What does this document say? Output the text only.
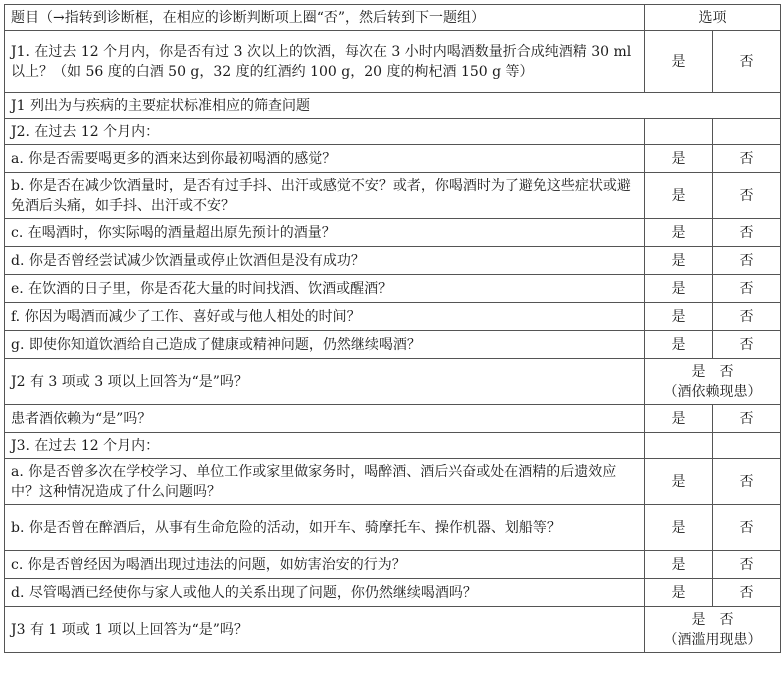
题目（→指转到诊断框，在相应的诊断判断项上圈“否”，然后转到下一题组）	选项	
J1. 在过去 12 个月内，你是否有过 3 次以上的饮酒，每次在 3 小时内喝酒数量折合成纯酒精 30 ml 以上？（如 56 度的白酒 50 g，32 度的红酒约 100 g，20 度的枸杞酒 150 g 等）	是	否
J1 列出为与疾病的主要症状标准相应的筛查问题		
J2. 在过去 12 个月内：		
a. 你是否需要喝更多的酒来达到你最初喝酒的感觉？	是	否
b. 你是否在减少饮酒量时，是否有过手抖、出汗或感觉不安？或者，你喝酒时为了避免这些症状或避免酒后头痛，如手抖、出汗或不安？	是	否
c. 在喝酒时，你实际喝的酒量超出原先预计的酒量？	是	否
d. 你是否曾经尝试减少饮酒量或停止饮酒但是没有成功？	是	否
e. 在饮酒的日子里，你是否花大量的时间找酒、饮酒或醒酒？	是	否
f. 你因为喝酒而减少了工作、喜好或与他人相处的时间？	是	否
g. 即使你知道饮酒给自己造成了健康或精神问题，仍然继续喝酒？	是	否
J2 有 3 项或 3 项以上回答为“是”吗？	是  否
（酒依赖现患）	

患者酒依赖为“是”吗？	是	否
J3. 在过去 12 个月内：		
a. 你是否曾多次在学校学习、单位工作或家里做家务时，喝醉酒、酒后兴奋或处在酒精的后遗效应中？这种情况造成了什么问题吗？	是	否
b. 你是否曾在醉酒后，从事有生命危险的活动，如开车、骑摩托车、操作机器、划船等？	是	否
c. 你是否曾经因为喝酒出现过违法的问题，如妨害治安的行为？	是	否
d. 尽管喝酒已经使你与家人或他人的关系出现了问题，你仍然继续喝酒吗？	是	否
J3 有 1 项或 1 项以上回答为“是”吗？	是  否
（酒滥用现患）	
